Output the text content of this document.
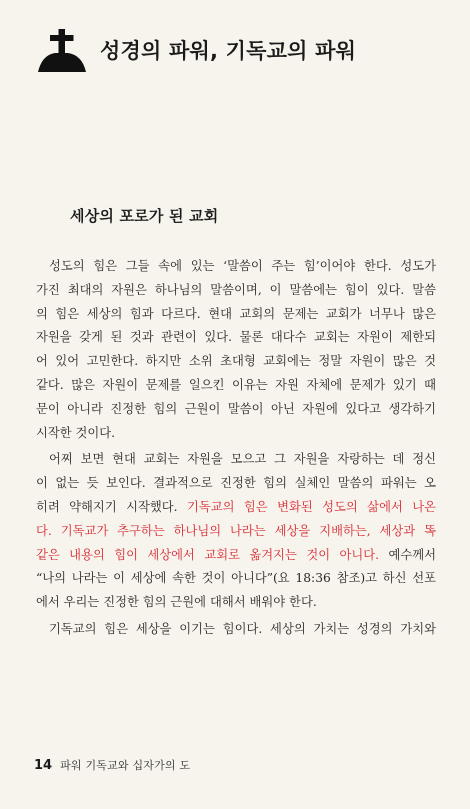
성경의 파워, 기독교의 파워
세상의 포로가 된 교회
성도의 힘은 그들 속에 있는 ‘말씀이 주는 힘’이어야 한다. 성도가
가진 최대의 자원은 하나님의 말씀이며, 이 말씀에는 힘이 있다. 말씀
의 힘은 세상의 힘과 다르다. 현대 교회의 문제는 교회가 너무나 많은
자원을 갖게 된 것과 관련이 있다. 물론 대다수 교회는 자원이 제한되
어 있어 고민한다. 하지만 소위 초대형 교회에는 정말 자원이 많은 것
같다. 많은 자원이 문제를 일으킨 이유는 자원 자체에 문제가 있기 때
문이 아니라 진정한 힘의 근원이 말씀이 아닌 자원에 있다고 생각하기
시작한 것이다.
어찌 보면 현대 교회는 자원을 모으고 그 자원을 자랑하는 데 정신
이 없는 듯 보인다. 결과적으로 진정한 힘의 실체인 말씀의 파워는 오
히려 약해지기 시작했다. 기독교의 힘은 변화된 성도의 삶에서 나온
다. 기독교가 추구하는 하나님의 나라는 세상을 지배하는, 세상과 똑
같은 내용의 힘이 세상에서 교회로 옮겨지는 것이 아니다. 예수께서
“나의 나라는 이 세상에 속한 것이 아니다”(요 18:36 참조)고 하신 선포
에서 우리는 진정한 힘의 근원에 대해서 배워야 한다.
기독교의 힘은 세상을 이기는 힘이다. 세상의 가치는 성경의 가치와
14 파워 기독교와 십자가의 도
